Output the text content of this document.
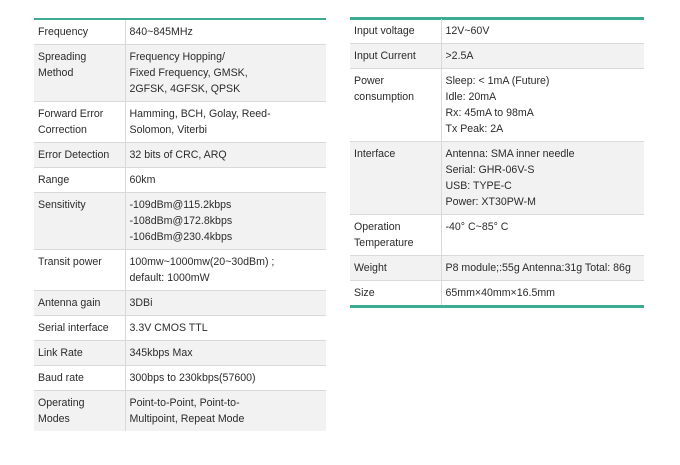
Frequency	840~845MHz

Spreading
Method	Frequency Hopping/
Fixed Frequency, GMSK,
2GFSK, 4GFSK, QPSK

Forward Error
Correction	Hamming, BCH, Golay, Reed-
Solomon, Viterbi

Error Detection	32 bits of CRC, ARQ

Range	60km

Sensitivity	-109dBm@115.2kbps
-108dBm@172.8kbps
-106dBm@230.4kbps

Transit power	100mw~1000mw(20~30dBm) ;
default: 1000mW

Antenna gain	3DBi

Serial interface	3.3V CMOS TTL

Link Rate	345kbps Max

Baud rate	300bps to 230kbps(57600)

Operating
Modes	Point-to-Point, Point-to-
Multipoint, Repeat Mode
Input voltage	12V~60V

Input Current	>2.5A

Power
consumption	Sleep: < 1mA (Future)
Idle: 20mA
Rx: 45mA to 98mA
Tx Peak: 2A

Interface	Antenna: SMA inner needle
Serial: GHR-06V-S
USB: TYPE-C
Power: XT30PW-M

Operation
Temperature	-40° C~85° C

Weight	P8 module;:55g Antenna:31g Total: 86g

Size	65mm×40mm×16.5mm
